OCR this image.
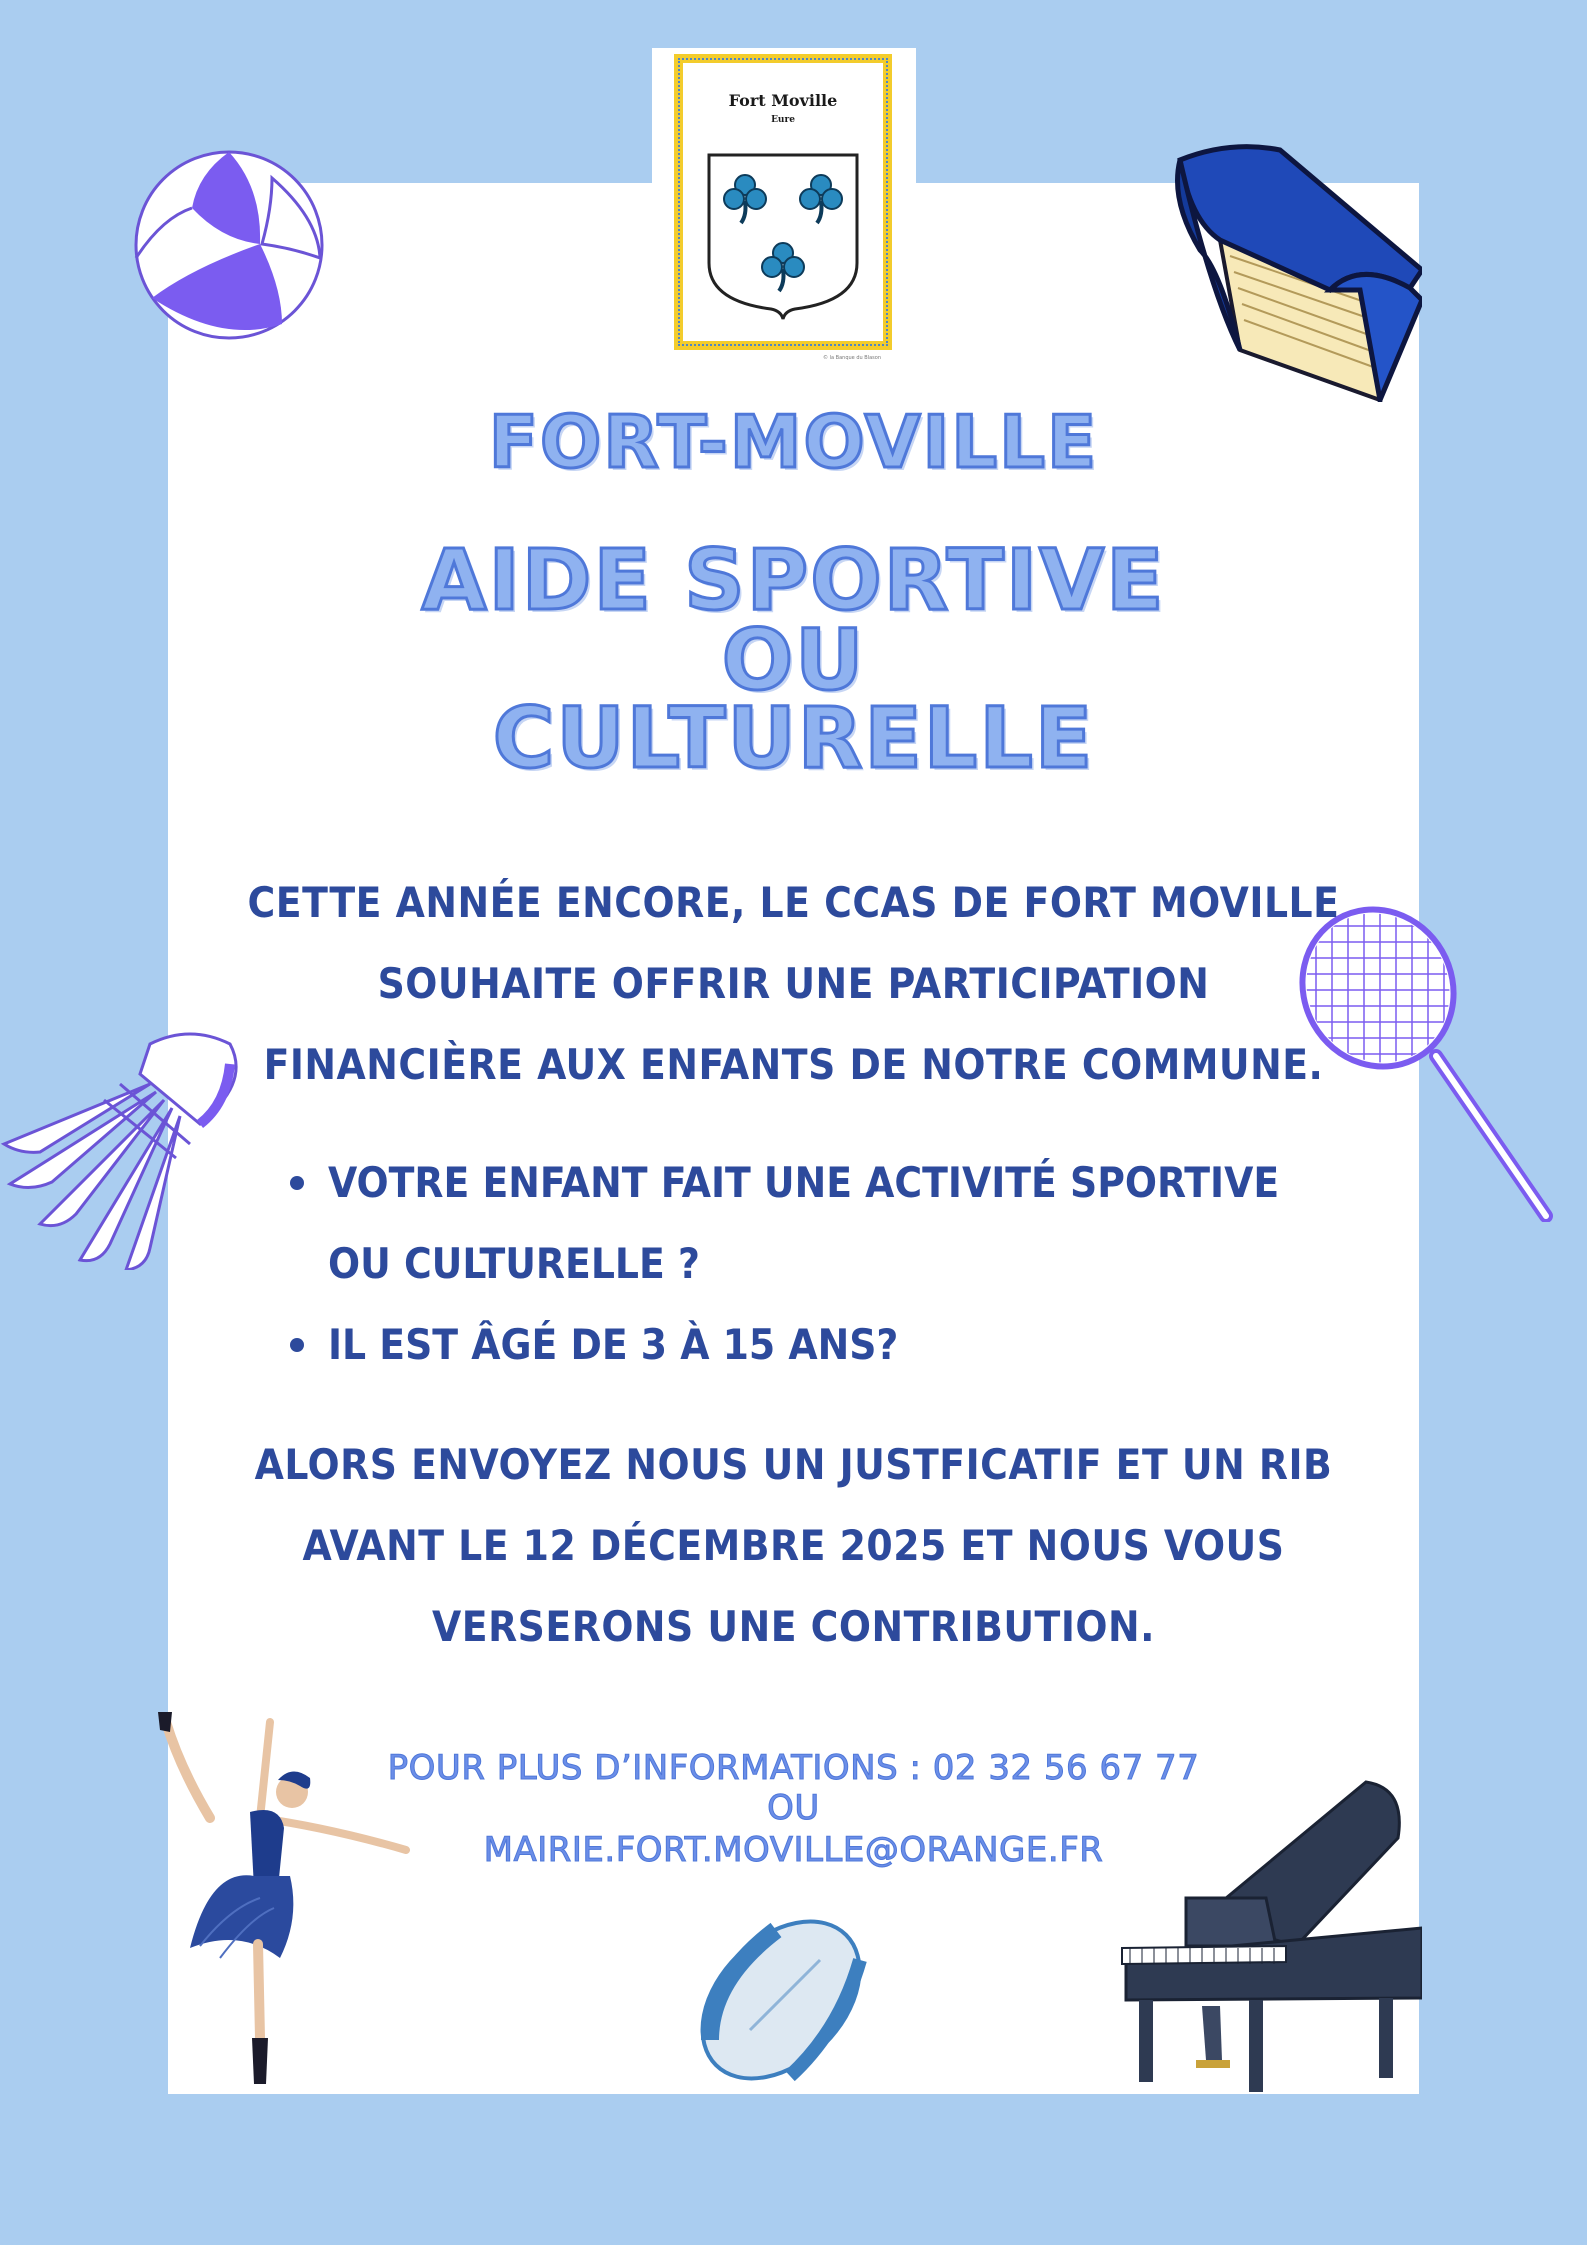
Fort Moville
Eure
© la Banque du Blason
FORT-MOVILLE
AIDE SPORTIVE
OU
CULTURELLE
CETTE ANNÉE ENCORE, LE CCAS DE FORT MOVILLE
SOUHAITE OFFRIR UNE PARTICIPATION
FINANCIÈRE AUX ENFANTS DE NOTRE COMMUNE.
VOTRE ENFANT FAIT UNE ACTIVITÉ SPORTIVE
OU CULTURELLE ?
IL EST ÂGÉ DE 3 À 15 ANS?
ALORS ENVOYEZ NOUS UN JUSTFICATIF ET UN RIB
AVANT LE 12 DÉCEMBRE 2025 ET NOUS VOUS
VERSERONS UNE CONTRIBUTION.
POUR PLUS D’INFORMATIONS : 02 32 56 67 77
OU
MAIRIE.FORT.MOVILLE@ORANGE.FR
